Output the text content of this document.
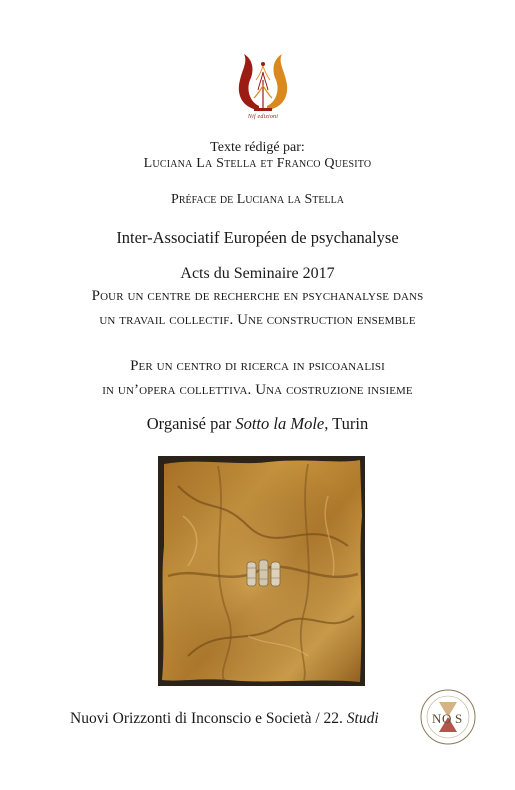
Nif edizioni
Texte rédigé par:
Luciana La Stella et Franco Quesito
Préface de Luciana la Stella
Inter-Associatif Européen de psychanalyse
Acts du Seminaire 2017
Pour un centre de recherche en psychanalyse dans
un travail collectif. Une construction ensemble
Per un centro di ricerca in psicoanalisi
in un’opera collettiva. Una costruzione insieme
Organisé par Sotto la Mole, Turin
Nuovi Orizzonti di Inconscio e Società / 22. Studi	N O S
